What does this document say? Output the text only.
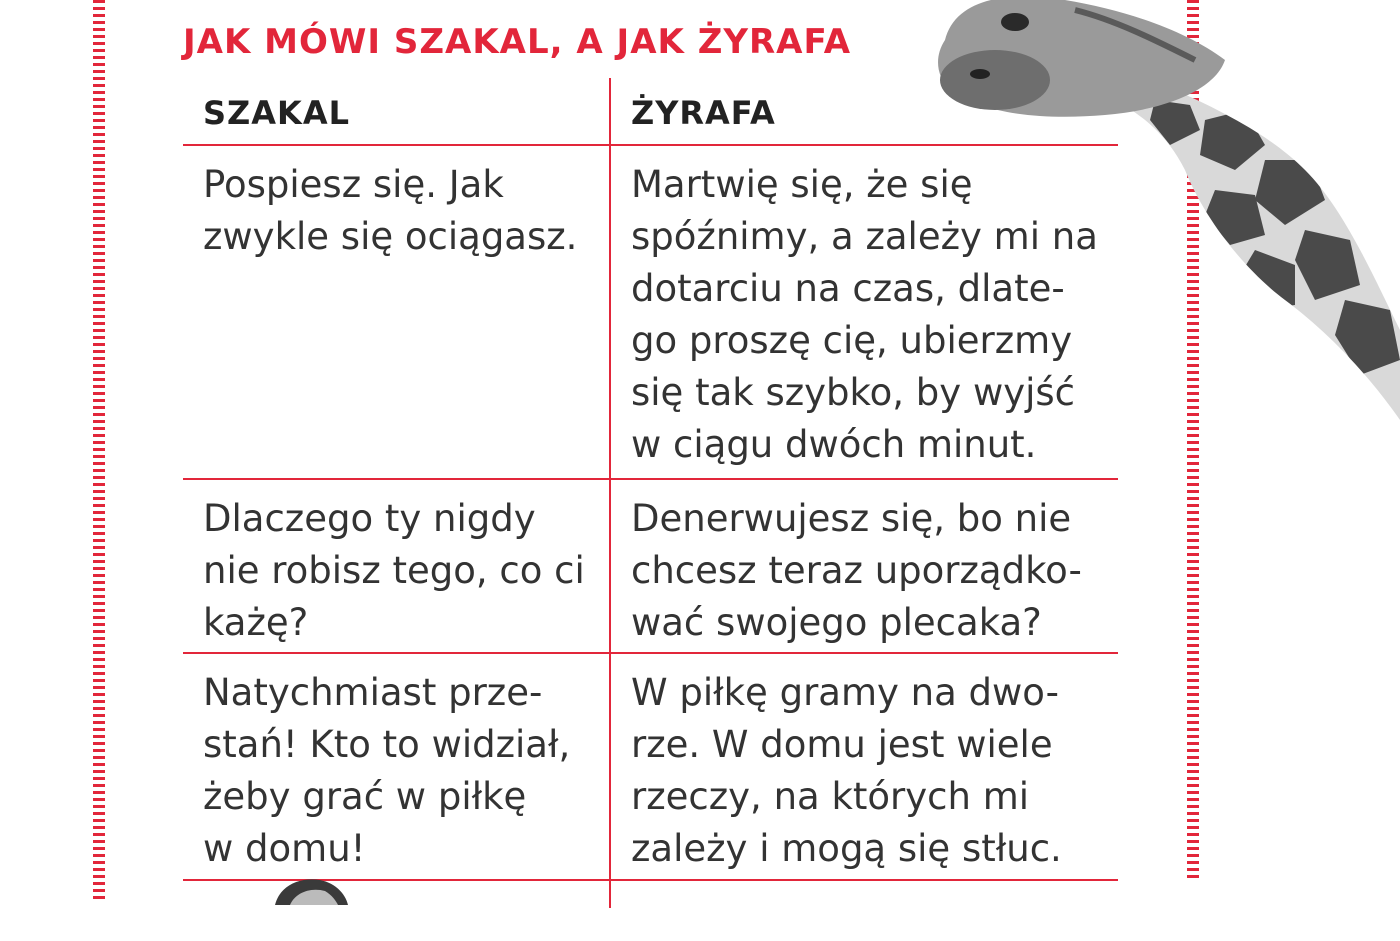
JAK MÓWI SZAKAL, A JAK ŻYRAFA
SZAKAL	ŻYRAFA
Pospiesz się. Jak
zwykle się ociągasz.
Martwię się, że się
spóźnimy, a zależy mi na
dotarciu na czas, dlate-
go proszę cię, ubierzmy
się tak szybko, by wyjść
w ciągu dwóch minut.
Dlaczego ty nigdy
nie robisz tego, co ci
każę?
Denerwujesz się, bo nie
chcesz teraz uporządko-
wać swojego plecaka?
Natychmiast prze-
stań! Kto to widział,
żeby grać w piłkę
w domu!
W piłkę gramy na dwo-
rze. W domu jest wiele
rzeczy, na których mi
zależy i mogą się stłuc.
